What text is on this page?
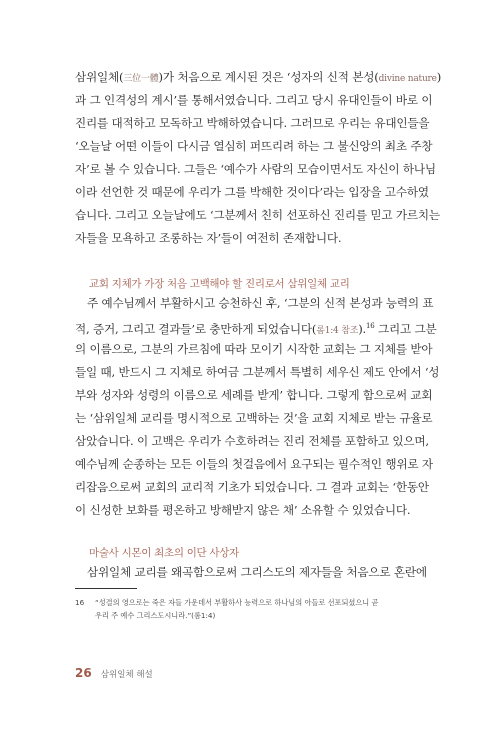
삼위일체(三位一體)가 처음으로 계시된 것은 ‘성자의 신적 본성(divine nature)
과 그 인격성의 계시’를 통해서였습니다. 그리고 당시 유대인들이 바로 이
진리를 대적하고 모독하고 박해하였습니다. 그러므로 우리는 유대인들을
‘오늘날 어떤 이들이 다시금 열심히 퍼뜨리려 하는 그 불신앙의 최초 주창
자’로 볼 수 있습니다. 그들은 ‘예수가 사람의 모습이면서도 자신이 하나님
이라 선언한 것 때문에 우리가 그를 박해한 것이다’라는 입장을 고수하였
습니다. 그리고 오늘날에도 ‘그분께서 친히 선포하신 진리를 믿고 가르치는
자들을 모욕하고 조롱하는 자’들이 여전히 존재합니다.
교회 지체가 가장 처음 고백해야 할 진리로서 삼위일체 교리
주 예수님께서 부활하시고 승천하신 후, ‘그분의 신적 본성과 능력의 표
적, 증거, 그리고 결과들’로 충만하게 되었습니다(롬1:4 참조).$^{16}$ 그리고 그분
의 이름으로, 그분의 가르침에 따라 모이기 시작한 교회는 그 지체를 받아
들일 때, 반드시 그 지체로 하여금 그분께서 특별히 세우신 제도 안에서 ‘성
부와 성자와 성령의 이름으로 세례를 받게’ 합니다. 그렇게 함으로써 교회
는 ‘삼위일체 교리를 명시적으로 고백하는 것’을 교회 지체로 받는 규율로
삼았습니다. 이 고백은 우리가 수호하려는 진리 전체를 포함하고 있으며,
예수님께 순종하는 모든 이들의 첫걸음에서 요구되는 필수적인 행위로 자
리잡음으로써 교회의 교리적 기초가 되었습니다. 그 결과 교회는 ‘한동안
이 신성한 보화를 평온하고 방해받지 않은 채’ 소유할 수 있었습니다.
마술사 시몬이 최초의 이단 사상자
삼위일체 교리를 왜곡함으로써 그리스도의 제자들을 처음으로 혼란에
16 “성결의 영으로는 죽은 자들 가운데서 부활하사 능력으로 하나님의 아들로 선포되셨으니 곧
우리 주 예수 그리스도시니라.”(롬1:4)
26 삼위일체 해설
